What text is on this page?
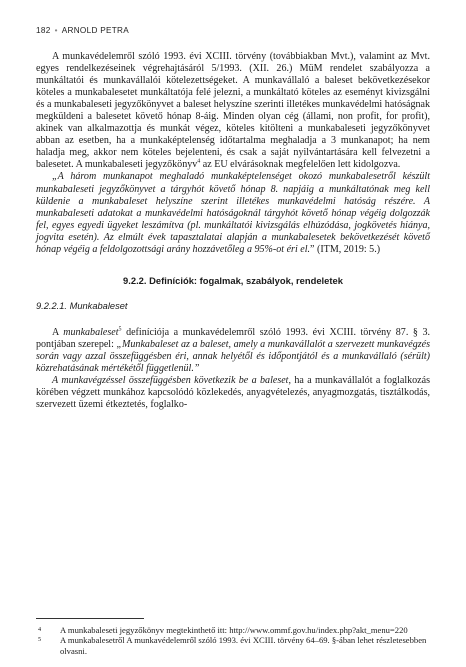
182 • ARNOLD PETRA

A munkavédelemről szóló 1993. évi XCIII. törvény (továbbiakban Mvt.), valamint az Mvt. egyes rendelkezéseinek végrehajtásáról 5/1993. (XII. 26.) MüM rendelet szabályozza a munkáltatói és munkavállalói kötelezettségeket. A munkavállaló a baleset bekövetkezésekor köteles a munkabalesetet munkáltatója felé jelezni, a munkáltató köteles az eseményt kivizsgálni és a munkabaleseti jegyzőkönyvet a baleset helyszíne szerinti illetékes munkavédelmi hatóságnak megküldeni a balesetet követő hónap 8-áig. Minden olyan cég (állami, non profit, for profit), akinek van alkalmazottja és munkát végez, köteles kitölteni a munkabaleseti jegyzőkönyvet abban az esetben, ha a munkaképtelenség időtartalma meghaladja a 3 munkanapot; ha nem haladja meg, akkor nem köteles bejelenteni, és csak a saját nyilvántartására kell felvezetni a balesetet. A munkabaleseti jegyzőkönyv$^4$ az EU elvárásoknak megfelelően lett kidolgozva.

„A három munkanapot meghaladó munkaképtelenséget okozó munkabalesetről készült munkabaleseti jegyzőkönyvet a tárgyhót követő hónap 8. napjáig a munkáltatónak meg kell küldenie a munkabaleset helyszíne szerint illetékes munkavédelmi hatóság részére. A munkabaleseti adatokat a munkavédelmi hatóságoknál tárgyhót követő hónap végéig dolgozzák fel, egyes egyedi ügyeket leszámítva (pl. munkáltatói kivizsgálás elhúzódása, jogkövetés hiánya, jogvita esetén). Az elmúlt évek tapasztalatai alapján a munkabalesetek bekövetkezését követő hónap végéig a feldolgozottsági arány hozzávetőleg a 95%-ot éri el.” (ITM, 2019: 5.)

9.2.2. Definíciók: fogalmak, szabályok, rendeletek
9.2.2.1. Munkabaleset

A munkabaleset$^5$ definíciója a munkavédelemről szóló 1993. évi XCIII. törvény 87. § 3. pontjában szerepel: „Munkabaleset az a baleset, amely a munkavállalót a szervezett munkavégzés során vagy azzal összefüggésben éri, annak helyétől és időpontjától és a munkavállaló (sérült) közrehatásának mértékétől függetlenül.”

A munkavégzéssel összefüggésben következik be a baleset, ha a munkavállalót a foglalkozás körében végzett munkához kapcsolódó közlekedés, anyagvételezés, anyagmozgatás, tisztálkodás, szervezett üzemi étkeztetés, foglalko-

4	A munkabaleseti jegyzőkönyv megtekinthető itt: http://www.ommf.gov.hu/index.php?akt_menu=220
5	A munkabalesetről A munkavédelemről szóló 1993. évi XCIII. törvény 64–69. §-ában lehet részletesebben olvasni.
